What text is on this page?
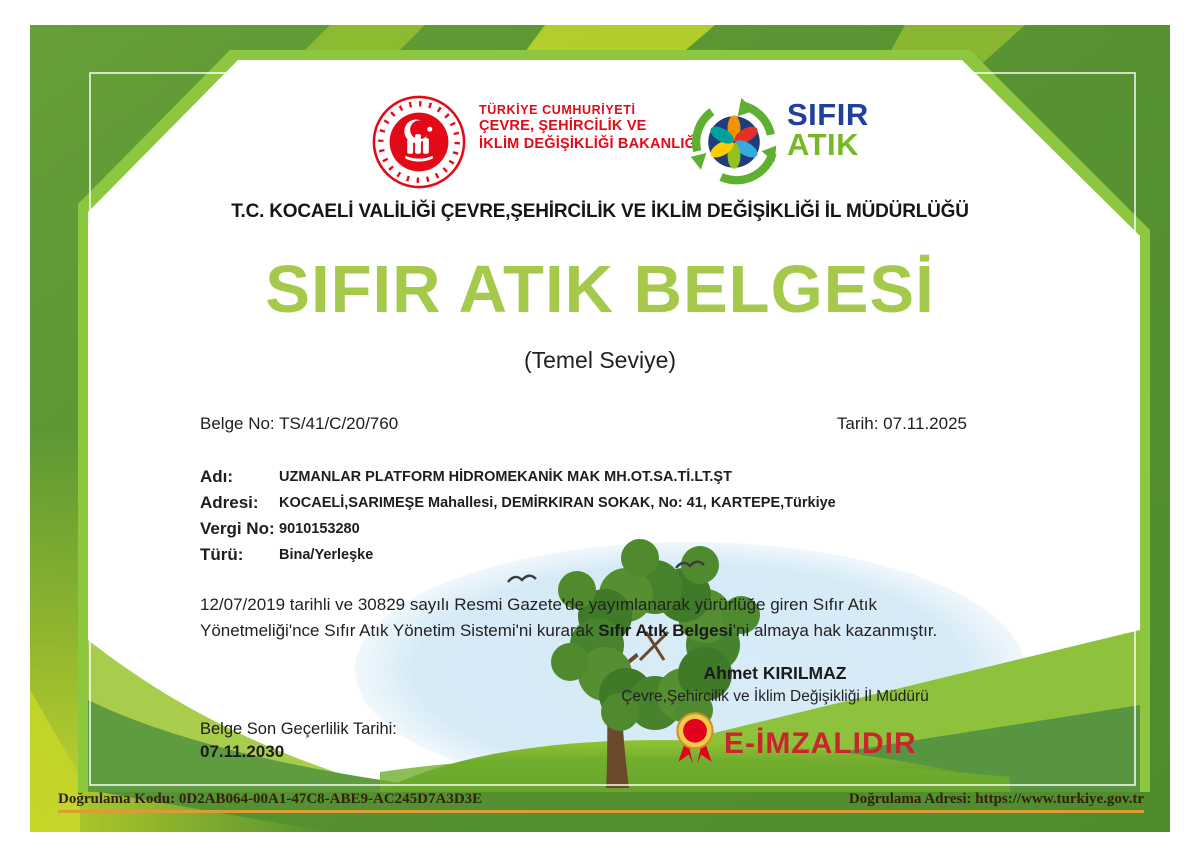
TÜRKİYE CUMHURİYETİ
ÇEVRE, ŞEHİRCİLİK VE
İKLİM DEĞİŞİKLİĞİ BAKANLIĞI
SIFIR
ATIK
T.C. KOCAELİ VALİLİĞİ ÇEVRE,ŞEHİRCİLİK VE İKLİM DEĞİŞİKLİĞİ İL MÜDÜRLÜĞÜ
SIFIR ATIK BELGESİ
(Temel Seviye)
Belge No: TS/41/C/20/760	Tarih: 07.11.2025
Adı:	UZMANLAR PLATFORM HİDROMEKANİK MAK MH.OT.SA.Tİ.LT.ŞT
Adresi:	KOCAELİ,SARIMEŞE Mahallesi, DEMİRKIRAN SOKAK, No: 41, KARTEPE,Türkiye
Vergi No: 9010153280
Türü:	Bina/Yerleşke
12/07/2019 tarihli ve 30829 sayılı Resmi Gazete'de yayımlanarak yürürlüğe giren Sıfır Atık Yönetmeliği'nce Sıfır Atık Yönetim Sistemi'ni kurarak Sıfır Atık Belgesi'ni almaya hak kazanmıştır.
Ahmet KIRILMAZ
Çevre,Şehircilik ve İklim Değişikliği İl Müdürü
E-İMZALIDIR
Belge Son Geçerlilik Tarihi:
07.11.2030
Doğrulama Kodu: 0D2AB064-00A1-47C8-ABE9-AC245D7A3D3E	Doğrulama Adresi: https://www.turkiye.gov.tr
